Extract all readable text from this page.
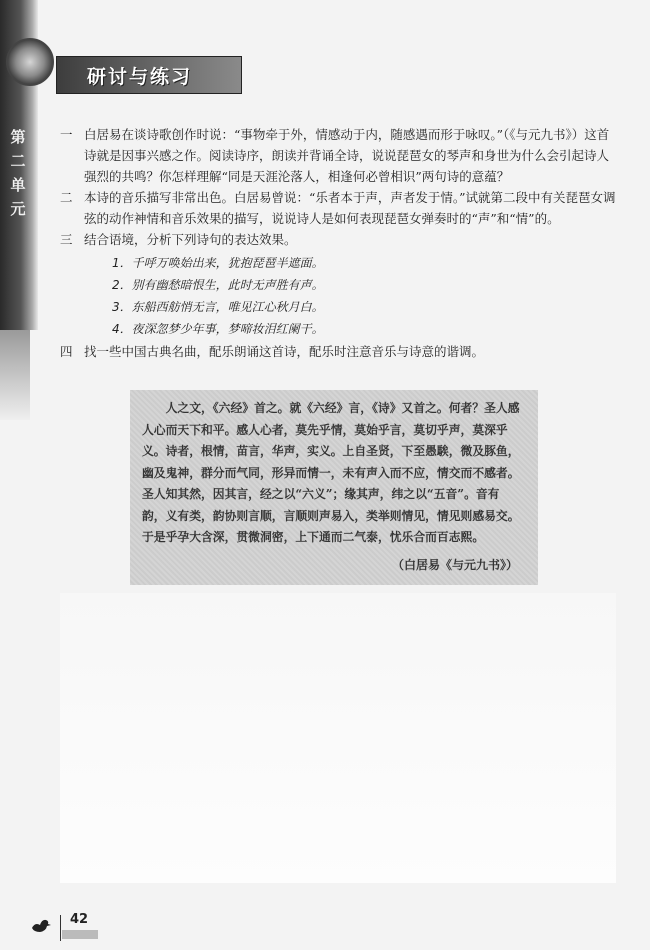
第二单元
研讨与练习
一 白居易在谈诗歌创作时说：“事物牵于外，情感动于内，随感遇而形于咏叹。”（《与元九书》）这首诗就是因事兴感之作。阅读诗序，朗读并背诵全诗，说说琵琶女的琴声和身世为什么会引起诗人强烈的共鸣？你怎样理解“同是天涯沦落人，相逢何必曾相识”两句诗的意蕴？
二 本诗的音乐描写非常出色。白居易曾说：“乐者本于声，声者发于情。”试就第二段中有关琵琶女调弦的动作神情和音乐效果的描写，说说诗人是如何表现琵琶女弹奏时的“声”和“情”的。
三 结合语境，分析下列诗句的表达效果。
1．千呼万唤始出来，犹抱琵琶半遮面。
2．别有幽愁暗恨生，此时无声胜有声。
3．东船西舫悄无言，唯见江心秋月白。
4．夜深忽梦少年事，梦啼妆泪红阑干。
四 找一些中国古典名曲，配乐朗诵这首诗，配乐时注意音乐与诗意的谐调。
人之文，《六经》首之。就《六经》言，《诗》又首之。何者？圣人感人心而天下和平。感人心者，莫先乎情，莫始乎言，莫切乎声，莫深乎义。诗者，根情，苗言，华声，实义。上自圣贤，下至愚騃，微及豚鱼，幽及鬼神，群分而气同，形异而情一，未有声入而不应，情交而不感者。圣人知其然，因其言，经之以“六义”；缘其声，纬之以“五音”。音有韵，义有类，韵协则言顺，言顺则声易入，类举则情见，情见则感易交。于是乎孕大含深，贯微洞密，上下通而二气泰，忧乐合而百志熙。
（白居易《与元九书》）
42
